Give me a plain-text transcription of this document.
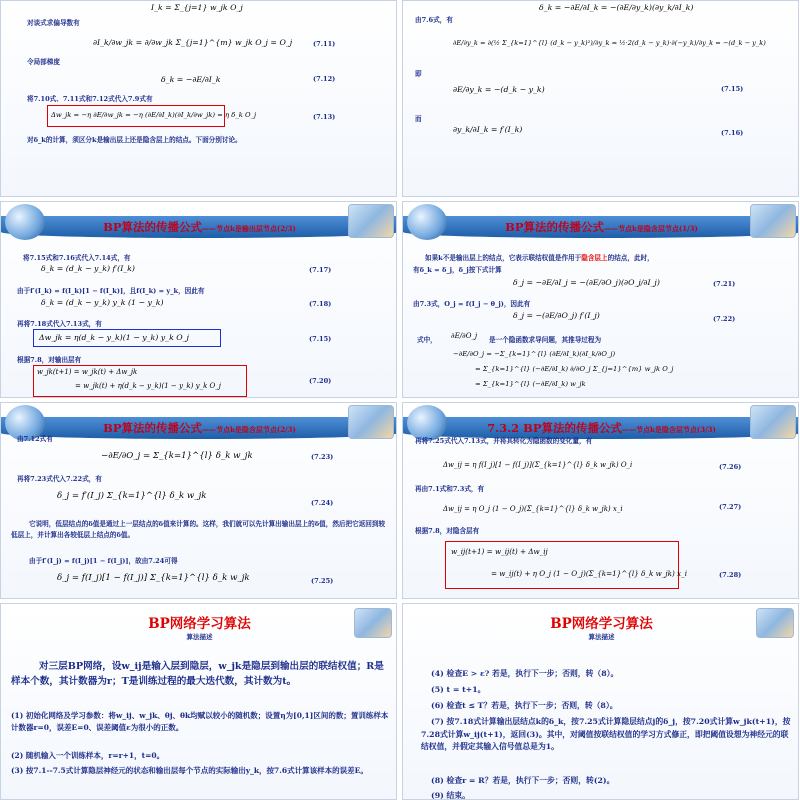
I_k = Σ_{j=1} w_jk O_j
对谈式求偏导数有
∂I_k/∂w_jk = ∂/∂w_jk Σ_{j=1}^{m} w_jk O_j = O_j	(7.11)
令局部梯度
δ_k = −∂E/∂I_k	(7.12)
将7.10式、7.11式和7.12式代入7.9式有
Δw_jk = −η ∂E/∂w_jk = −η (∂E/∂I_k)(∂I_k/∂w_jk) = η δ_k O_j	(7.13)
对δ_k的计算，须区分k是输出层上还是隐含层上的结点。下面分别讨论。
δ_k = −∂E/∂I_k = −(∂E/∂y_k)(∂y_k/∂I_k)
由7.6式，有
∂E/∂y_k = ∂(½ Σ_{k=1}^{l} (d_k − y_k)²)/∂y_k = ½·2(d_k − y_k)·∂(−y_k)/∂y_k = −(d_k − y_k)
即
∂E/∂y_k = −(d_k − y_k)	(7.15)
而
∂y_k/∂I_k = f′(I_k)	(7.16)
BP算法的传播公式——节点k是输出层节点(2/3)
将7.15式和7.16式代入7.14式，有
δ_k = (d_k − y_k) f′(I_k)	(7.17)
由于f′(I_k) = f(I_k)[1 − f(I_k)]，且f(I_k) = y_k，因此有
δ_k = (d_k − y_k) y_k (1 − y_k)	(7.18)
再将7.18式代入7.13式，有
Δw_jk = η(d_k − y_k)(1 − y_k) y_k O_j	(7.15)
根据7.8，对输出层有
w_jk(t+1) = w_jk(t) + Δw_jk
= w_jk(t) + η(d_k − y_k)(1 − y_k) y_k O_j
(7.20)
BP算法的传播公式——节点k是隐含层节点(1/3)
如果k不是输出层上的结点，它表示联结权值是作用于隐含层上的结点，此时，
有δ_k = δ_j，δ_j按下式计算
δ_j = −∂E/∂I_j = −(∂E/∂O_j)(∂O_j/∂I_j)	(7.21)
由7.3式，O_j = f(I_j − θ_j)，因此有
δ_j = −(∂E/∂O_j) f′(I_j)	(7.22)
式中， ∂E/∂O_j 是一个隐函数求导问题，其推导过程为
−∂E/∂O_j = −Σ_{k=1}^{l} (∂E/∂I_k)(∂I_k/∂O_j)
= Σ_{k=1}^{l} (−∂E/∂I_k) ∂/∂O_j Σ_{j=1}^{m} w_jk O_j
= Σ_{k=1}^{l} (−∂E/∂I_k) w_jk
BP算法的传播公式——节点k是隐含层节点(2/3)
由7.12式有
−∂E/∂O_j = Σ_{k=1}^{l} δ_k w_jk	(7.23)
再将7.23式代入7.22式，有
δ_j = f′(I_j) Σ_{k=1}^{l} δ_k w_jk
(7.24)
它说明，低层结点的δ值是通过上一层结点的δ值来计算的。这样，我们就可以先计算出输出层上的δ值，然后把它返回到较低层上，并计算出各较低层上结点的δ值。
由于f′(I_j) = f(I_j)[1 − f(I_j)]，故由7.24可得
δ_j = f(I_j)[1 − f(I_j)] Σ_{k=1}^{l} δ_k w_jk	(7.25)
7.3.2 BP算法的传播公式——节点k是隐含层节点(3/3)
再将7.25式代入7.13式，并将其转化为隐函数的变化量，有
Δw_ij = η f(I_j)[1 − f(I_j)](Σ_{k=1}^{l} δ_k w_jk) O_i	(7.26)
再由7.1式和7.3式，有
Δw_ij = η O_j (1 − O_j)(Σ_{k=1}^{l} δ_k w_jk) x_i	(7.27)
根据7.8，对隐含层有
w_ij(t+1) = w_ij(t) + Δw_ij
= w_ij(t) + η O_j (1 − O_j)(Σ_{k=1}^{l} δ_k w_jk) x_i	(7.28)
BP网络学习算法
算法描述
对三层BP网络，设w_ij是输入层到隐层，w_jk是隐层到输出层的联结权值；R是样本个数，其计数器为r；T是训练过程的最大迭代数，其计数为t。
(1) 初始化网络及学习参数：将w_ij、w_jk、θj、θk均赋以较小的随机数；设置η为[0,1]区间的数；置训练样本计数器r=0，误差E=0、误差阈值ε为很小的正数。
(2) 随机输入一个训练样本，r=r+1，t=0。
(3) 按7.1--7.5式计算隐层神经元的状态和输出层每个节点的实际输出y_k，按7.6式计算该样本的误差E。
BP网络学习算法
算法描述
(4) 检查E > ε? 若是，执行下一步；否则，转（8）。
(5) t = t+1。
(6) 检查t ≤ T？若是，执行下一步；否则，转（8）。
(7) 按7.18式计算输出层结点k的δ_k，按7.25式计算隐层结点j的δ_j，按7.20式计算w_jk(t+1)，按7.28式计算w_ij(t+1)，返回(3)。其中，对阈值按联结权值的学习方式修正，即把阈值设想为神经元的联结权值，并假定其输入信号值总是为1。
(8) 检查r = R？若是，执行下一步；否则，转(2)。
(9) 结束。
